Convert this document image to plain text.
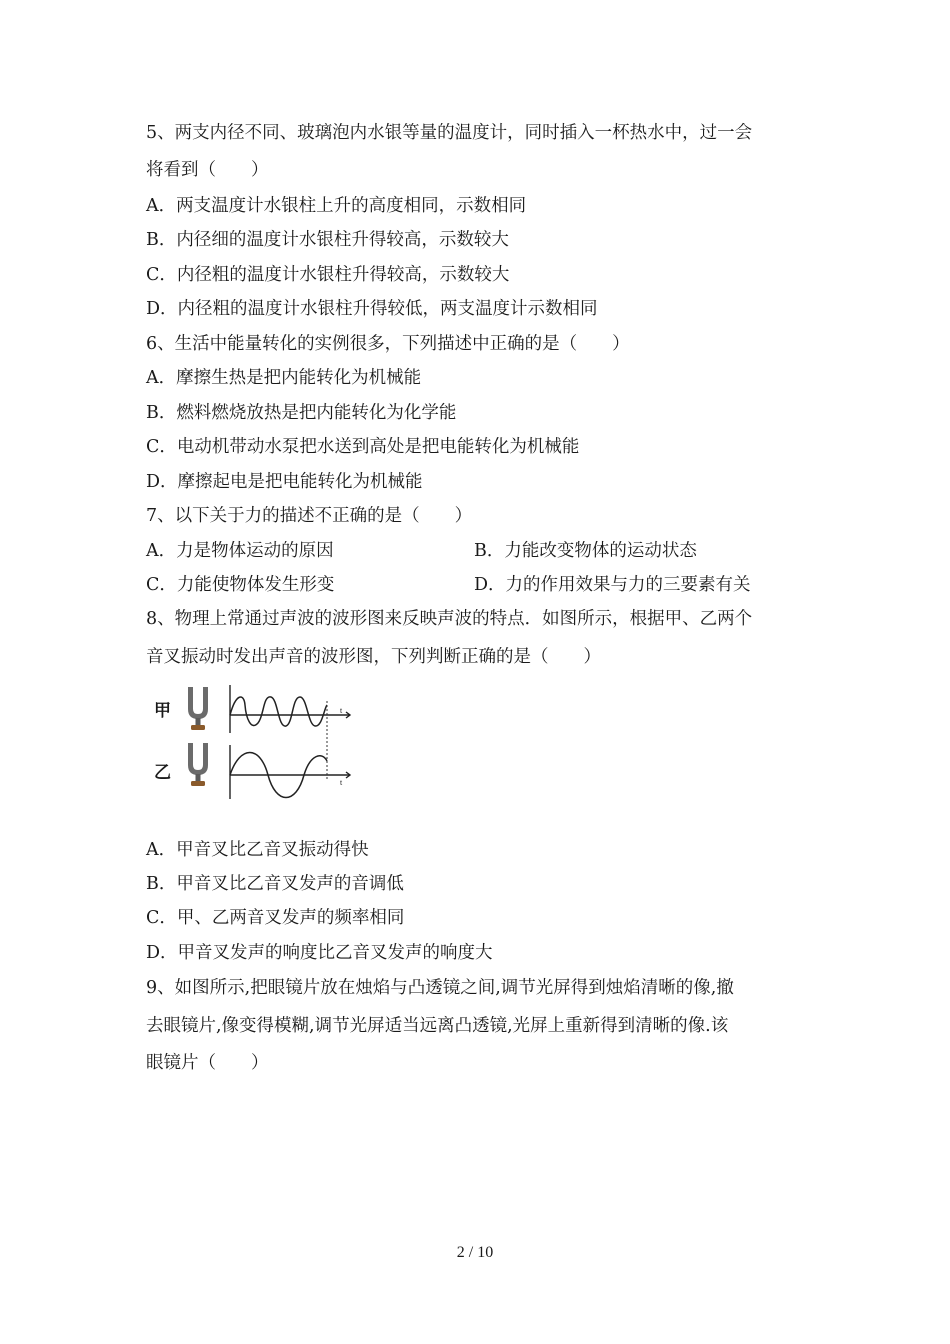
5、两支内径不同、玻璃泡内水银等量的温度计，同时插入一杯热水中，过一会
将看到（　　）
A．两支温度计水银柱上升的高度相同，示数相同
B．内径细的温度计水银柱升得较高，示数较大
C．内径粗的温度计水银柱升得较高，示数较大
D．内径粗的温度计水银柱升得较低，两支温度计示数相同
6、生活中能量转化的实例很多，下列描述中正确的是（　　）
A．摩擦生热是把内能转化为机械能
B．燃料燃烧放热是把内能转化为化学能
C．电动机带动水泵把水送到高处是把电能转化为机械能
D．摩擦起电是把电能转化为机械能
7、以下关于力的描述不正确的是（　　）
A．力是物体运动的原因	B．力能改变物体的运动状态
C．力能使物体发生形变	D．力的作用效果与力的三要素有关
8、物理上常通过声波的波形图来反映声波的特点．如图所示，根据甲、乙两个
音叉振动时发出声音的波形图，下列判断正确的是（　　）
甲
乙
t
t
A．甲音叉比乙音叉振动得快
B．甲音叉比乙音叉发声的音调低
C．甲、乙两音叉发声的频率相同
D．甲音叉发声的响度比乙音叉发声的响度大
9、如图所示,把眼镜片放在烛焰与凸透镜之间,调节光屏得到烛焰清晰的像,撤
去眼镜片,像变得模糊,调节光屏适当远离凸透镜,光屏上重新得到清晰的像.该
眼镜片（　　）
2 / 10
